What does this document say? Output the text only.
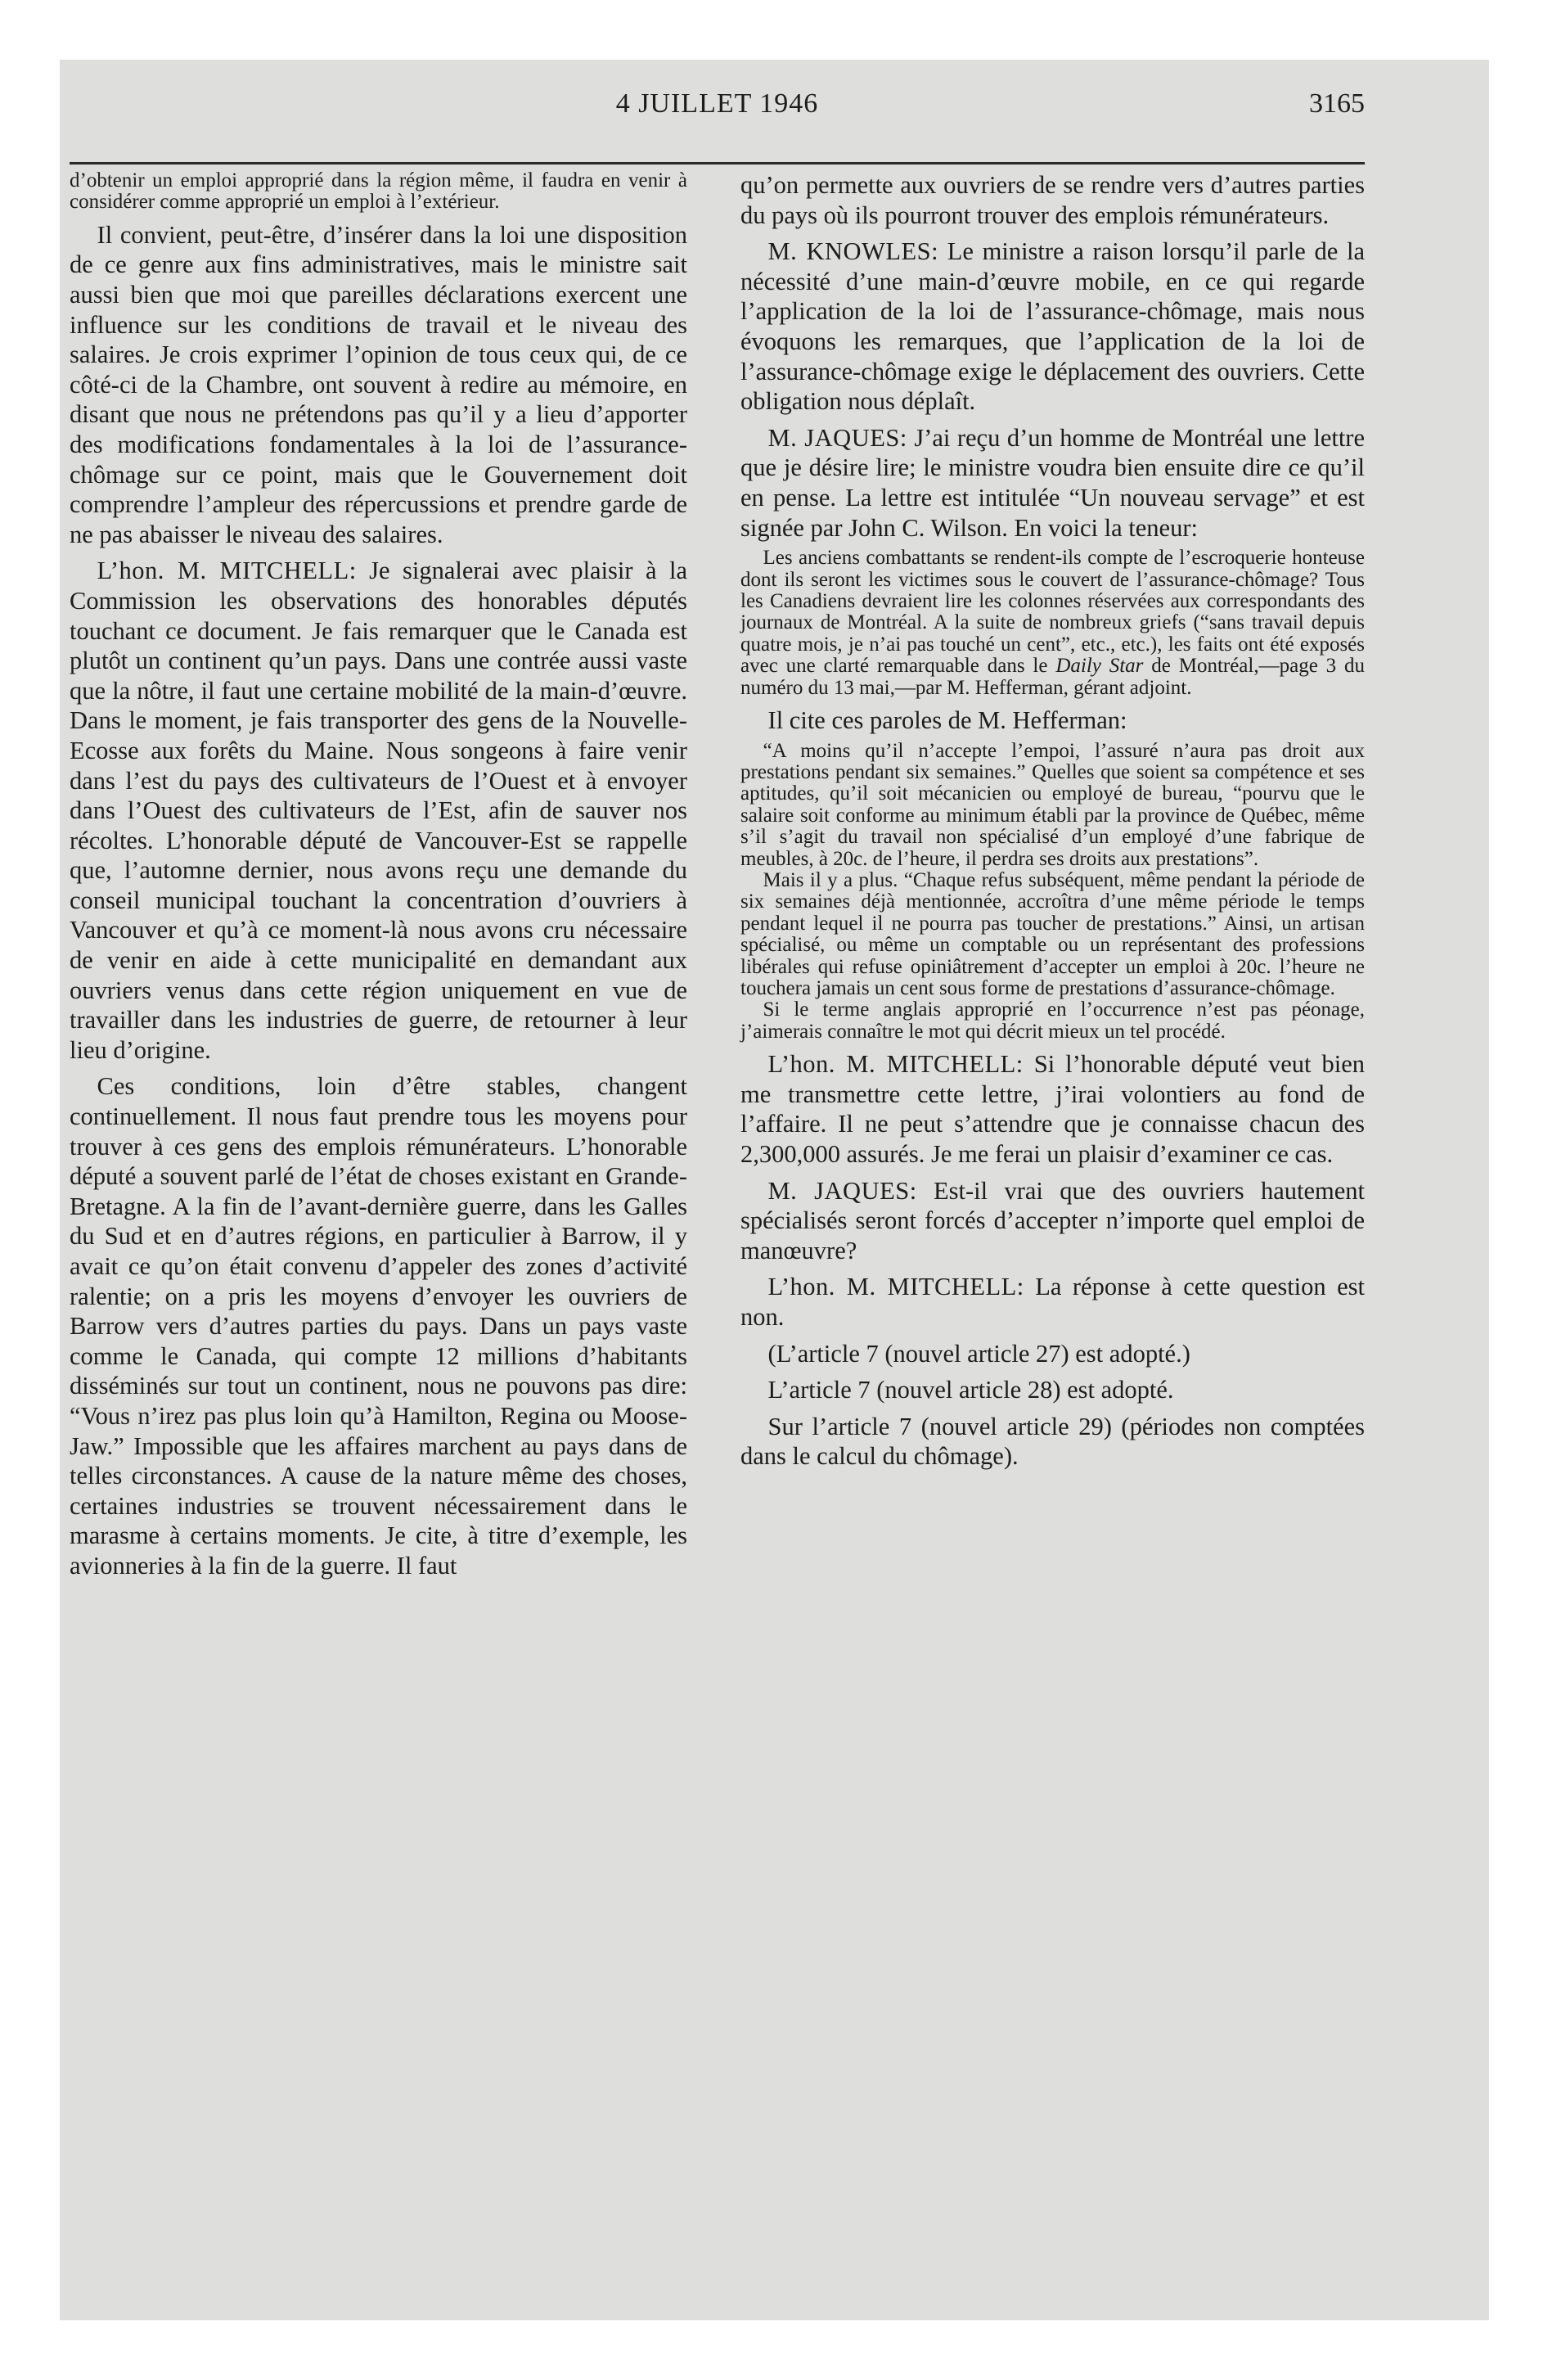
4 JUILLET 1946	3165

d’obtenir un emploi approprié dans la région même, il faudra en venir à considérer comme approprié un emploi à l’extérieur.

Il convient, peut-être, d’insérer dans la loi une disposition de ce genre aux fins administratives, mais le ministre sait aussi bien que moi que pareilles déclarations exercent une influence sur les conditions de travail et le niveau des salaires. Je crois exprimer l’opinion de tous ceux qui, de ce côté-ci de la Chambre, ont souvent à redire au mémoire, en disant que nous ne prétendons pas qu’il y a lieu d’apporter des modifications fondamentales à la loi de l’assurance-chômage sur ce point, mais que le Gouvernement doit comprendre l’ampleur des répercussions et prendre garde de ne pas abaisser le niveau des salaires.

L’hon. M. MITCHELL: Je signalerai avec plaisir à la Commission les observations des honorables députés touchant ce document. Je fais remarquer que le Canada est plutôt un continent qu’un pays. Dans une contrée aussi vaste que la nôtre, il faut une certaine mobilité de la main-d’œuvre. Dans le moment, je fais transporter des gens de la Nouvelle-Ecosse aux forêts du Maine. Nous songeons à faire venir dans l’est du pays des cultivateurs de l’Ouest et à envoyer dans l’Ouest des cultivateurs de l’Est, afin de sauver nos récoltes. L’honorable député de Vancouver-Est se rappelle que, l’automne dernier, nous avons reçu une demande du conseil municipal touchant la concentration d’ouvriers à Vancouver et qu’à ce moment-là nous avons cru nécessaire de venir en aide à cette municipalité en demandant aux ouvriers venus dans cette région uniquement en vue de travailler dans les industries de guerre, de retourner à leur lieu d’origine.

Ces conditions, loin d’être stables, changent continuellement. Il nous faut prendre tous les moyens pour trouver à ces gens des emplois rémunérateurs. L’honorable député a souvent parlé de l’état de choses existant en Grande-Bretagne. A la fin de l’avant-dernière guerre, dans les Galles du Sud et en d’autres régions, en particulier à Barrow, il y avait ce qu’on était convenu d’appeler des zones d’activité ralentie; on a pris les moyens d’envoyer les ouvriers de Barrow vers d’autres parties du pays. Dans un pays vaste comme le Canada, qui compte 12 millions d’habitants disséminés sur tout un continent, nous ne pouvons pas dire: “Vous n’irez pas plus loin qu’à Hamilton, Regina ou Moose-Jaw.” Impossible que les affaires marchent au pays dans de telles circonstances. A cause de la nature même des choses, certaines industries se trouvent nécessairement dans le marasme à certains moments. Je cite, à titre d’exemple, les avionneries à la fin de la guerre. Il faut

qu’on permette aux ouvriers de se rendre vers d’autres parties du pays où ils pourront trouver des emplois rémunérateurs.

M. KNOWLES: Le ministre a raison lorsqu’il parle de la nécessité d’une main-d’œuvre mobile, en ce qui regarde l’application de la loi de l’assurance-chômage, mais nous évoquons les remarques, que l’application de la loi de l’assurance-chômage exige le déplacement des ouvriers. Cette obligation nous déplaît.

M. JAQUES: J’ai reçu d’un homme de Montréal une lettre que je désire lire; le ministre voudra bien ensuite dire ce qu’il en pense. La lettre est intitulée “Un nouveau servage” et est signée par John C. Wilson. En voici la teneur:

Les anciens combattants se rendent-ils compte de l’escroquerie honteuse dont ils seront les victimes sous le couvert de l’assurance-chômage? Tous les Canadiens devraient lire les colonnes réservées aux correspondants des journaux de Montréal. A la suite de nombreux griefs (“sans travail depuis quatre mois, je n’ai pas touché un cent”, etc., etc.), les faits ont été exposés avec une clarté remarquable dans le Daily Star de Montréal,—page 3 du numéro du 13 mai,—par M. Hefferman, gérant adjoint.

Il cite ces paroles de M. Hefferman:

“A moins qu’il n’accepte l’empoi, l’assuré n’aura pas droit aux prestations pendant six semaines.” Quelles que soient sa compétence et ses aptitudes, qu’il soit mécanicien ou employé de bureau, “pourvu que le salaire soit conforme au minimum établi par la province de Québec, même s’il s’agit du travail non spécialisé d’un employé d’une fabrique de meubles, à 20c. de l’heure, il perdra ses droits aux prestations”.

Mais il y a plus. “Chaque refus subséquent, même pendant la période de six semaines déjà mentionnée, accroîtra d’une même période le temps pendant lequel il ne pourra pas toucher de prestations.” Ainsi, un artisan spécialisé, ou même un comptable ou un représentant des professions libérales qui refuse opiniâtrement d’accepter un emploi à 20c. l’heure ne touchera jamais un cent sous forme de prestations d’assurance-chômage.

Si le terme anglais approprié en l’occurrence n’est pas péonage, j’aimerais connaître le mot qui décrit mieux un tel procédé.

L’hon. M. MITCHELL: Si l’honorable député veut bien me transmettre cette lettre, j’irai volontiers au fond de l’affaire. Il ne peut s’attendre que je connaisse chacun des 2,300,000 assurés. Je me ferai un plaisir d’examiner ce cas.

M. JAQUES: Est-il vrai que des ouvriers hautement spécialisés seront forcés d’accepter n’importe quel emploi de manœuvre?

L’hon. M. MITCHELL: La réponse à cette question est non.

(L’article 7 (nouvel article 27) est adopté.)

L’article 7 (nouvel article 28) est adopté.

Sur l’article 7 (nouvel article 29) (périodes non comptées dans le calcul du chômage).
